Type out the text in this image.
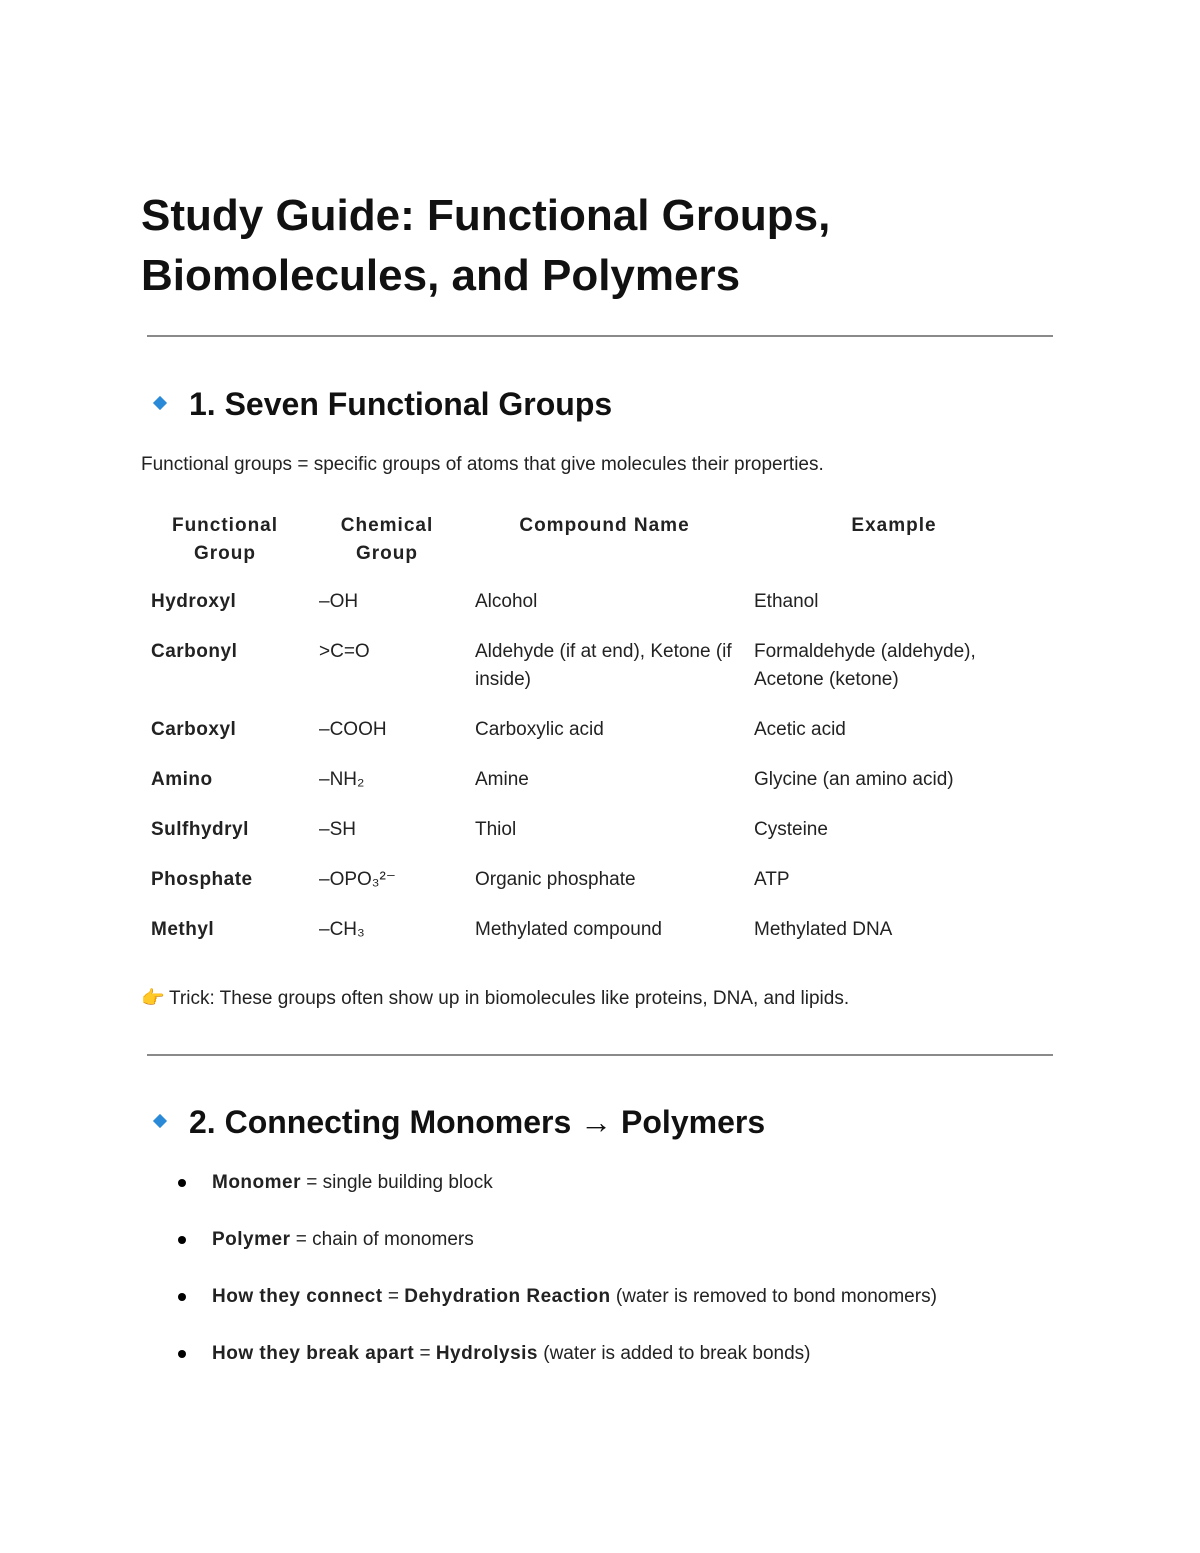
Study Guide: Functional Groups, Biomolecules, and Polymers
1. Seven Functional Groups
Functional groups = specific groups of atoms that give molecules their properties.
Functional Group	Chemical Group	Compound Name	Example
Hydroxyl	–OH	Alcohol	Ethanol
Carbonyl	>C=O	Aldehyde (if at end), Ketone (if inside)	Formaldehyde (aldehyde), Acetone (ketone)
Carboxyl	–COOH	Carboxylic acid	Acetic acid
Amino	–NH₂	Amine	Glycine (an amino acid)
Sulfhydryl	–SH	Thiol	Cysteine
Phosphate	–OPO₃²⁻	Organic phosphate	ATP
Methyl	–CH₃	Methylated compound	Methylated DNA
👉 Trick: These groups often show up in biomolecules like proteins, DNA, and lipids.
2. Connecting Monomers → Polymers
Monomer = single building block
Polymer = chain of monomers
How they connect = Dehydration Reaction (water is removed to bond monomers)
How they break apart = Hydrolysis (water is added to break bonds)
